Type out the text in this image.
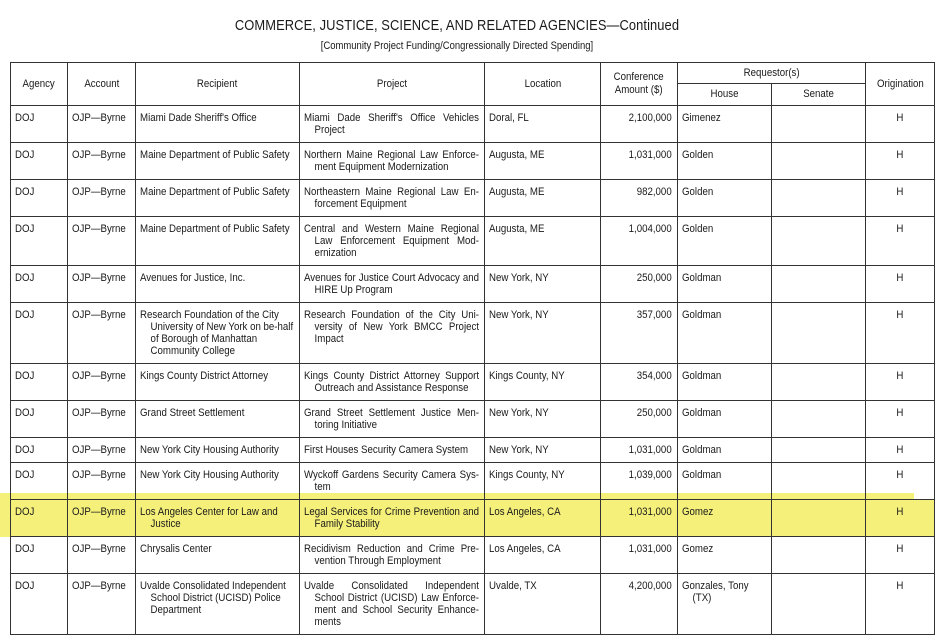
COMMERCE, JUSTICE, SCIENCE, AND RELATED AGENCIES—Continued
[Community Project Funding/Congressionally Directed Spending]
Agency	Account	Recipient	Project	Location	Conference Amount ($)	Requestor(s)		Origination

						House	Senate	

DOJ	OJP—Byrne	Miami Dade Sheriff's Office	Miami Dade Sheriff's Office Vehicles Project	Doral, FL	2,100,000	Gimenez		H

DOJ	OJP—Byrne	Maine Department of Public Safety	Northern Maine Regional Law Enforce-ment Equipment Modernization	Augusta, ME	1,031,000	Golden		H

DOJ	OJP—Byrne	Maine Department of Public Safety	Northeastern Maine Regional Law En-forcement Equipment	Augusta, ME	982,000	Golden		H

DOJ	OJP—Byrne	Maine Department of Public Safety	Central and Western Maine Regional Law Enforcement Equipment Mod-ernization	Augusta, ME	1,004,000	Golden		H

DOJ	OJP—Byrne	Avenues for Justice, Inc.	Avenues for Justice Court Advocacy and HIRE Up Program	New York, NY	250,000	Goldman		H

DOJ	OJP—Byrne	Research Foundation of the City University of New York on be-half of Borough of Manhattan Community College	Research Foundation of the City Uni-versity of New York BMCC Project Impact	New York, NY	357,000	Goldman		H

DOJ	OJP—Byrne	Kings County District Attorney	Kings County District Attorney Support Outreach and Assistance Response	Kings County, NY	354,000	Goldman		H

DOJ	OJP—Byrne	Grand Street Settlement	Grand Street Settlement Justice Men-toring Initiative	New York, NY	250,000	Goldman		H

DOJ	OJP—Byrne	New York City Housing Authority	First Houses Security Camera System	New York, NY	1,031,000	Goldman		H

DOJ	OJP—Byrne	New York City Housing Authority	Wyckoff Gardens Security Camera Sys-tem	Kings County, NY	1,039,000	Goldman		H

DOJ	OJP—Byrne	Los Angeles Center for Law and Justice	Legal Services for Crime Prevention and Family Stability	Los Angeles, CA	1,031,000	Gomez		H

DOJ	OJP—Byrne	Chrysalis Center	Recidivism Reduction and Crime Pre-vention Through Employment	Los Angeles, CA	1,031,000	Gomez		H

DOJ	OJP—Byrne	Uvalde Consolidated Independent School District (UCISD) Police Department	Uvalde Consolidated Independent School District (UCISD) Law Enforce-ment and School Security Enhance-ments	Uvalde, TX	4,200,000	Gonzales, Tony (TX)		H
